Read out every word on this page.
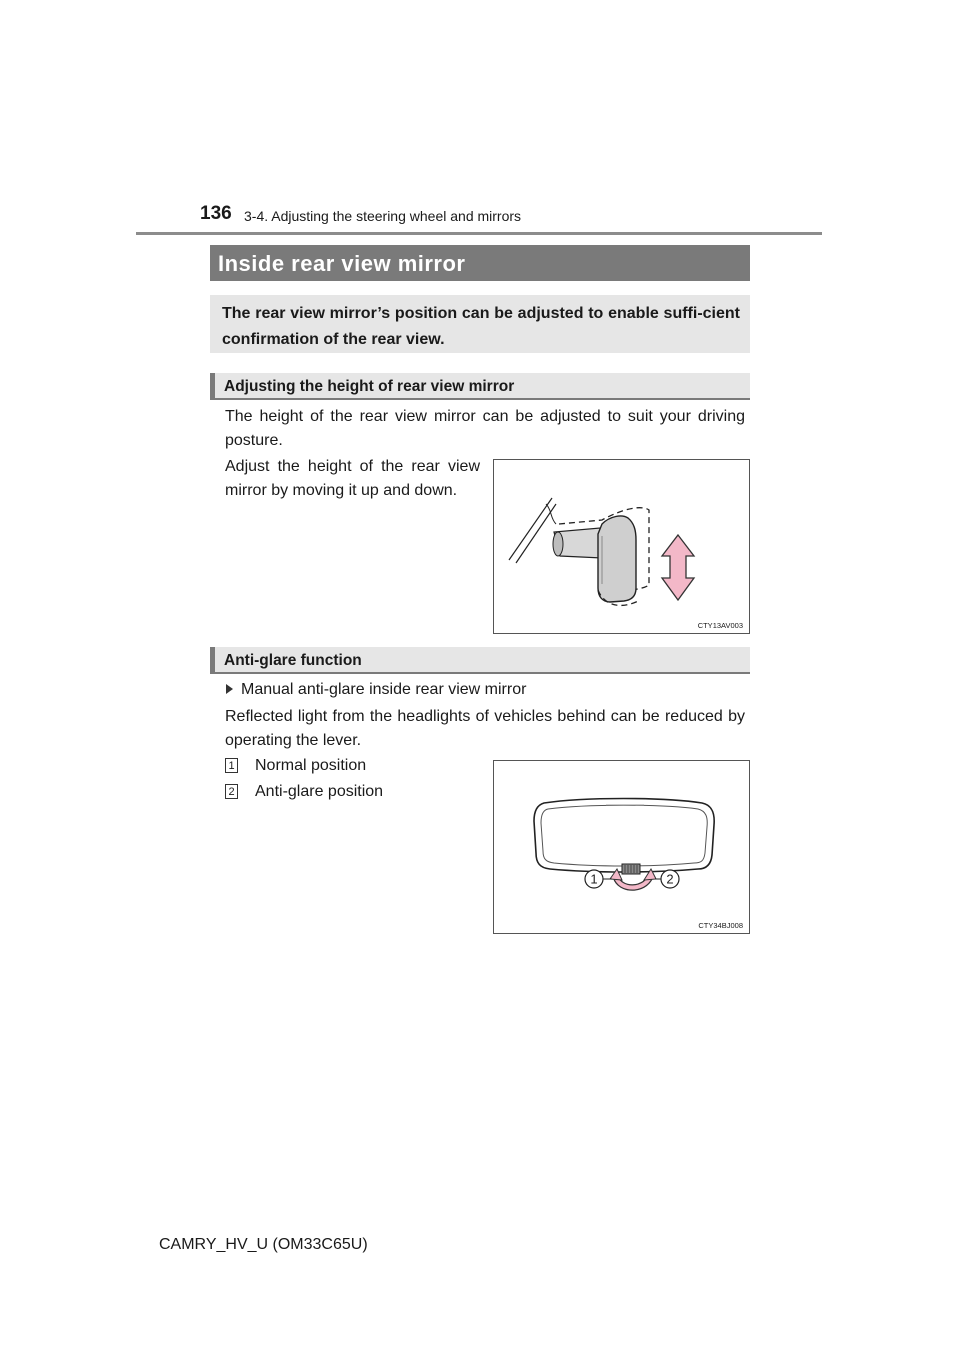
136 3-4. Adjusting the steering wheel and mirrors
Inside rear view mirror
The rear view mirror’s position can be adjusted to enable suffi-cient confirmation of the rear view.
Adjusting the height of rear view mirror
The height of the rear view mirror can be adjusted to suit your driving posture.
Adjust the height of the rear view mirror by moving it up and down.
CTY13AV003
Anti-glare function
Manual anti-glare inside rear view mirror
Reflected light from the headlights of vehicles behind can be reduced by operating the lever.
1 Normal position
2 Anti-glare position
1	2
CTY34BJ008
CAMRY_HV_U (OM33C65U)
